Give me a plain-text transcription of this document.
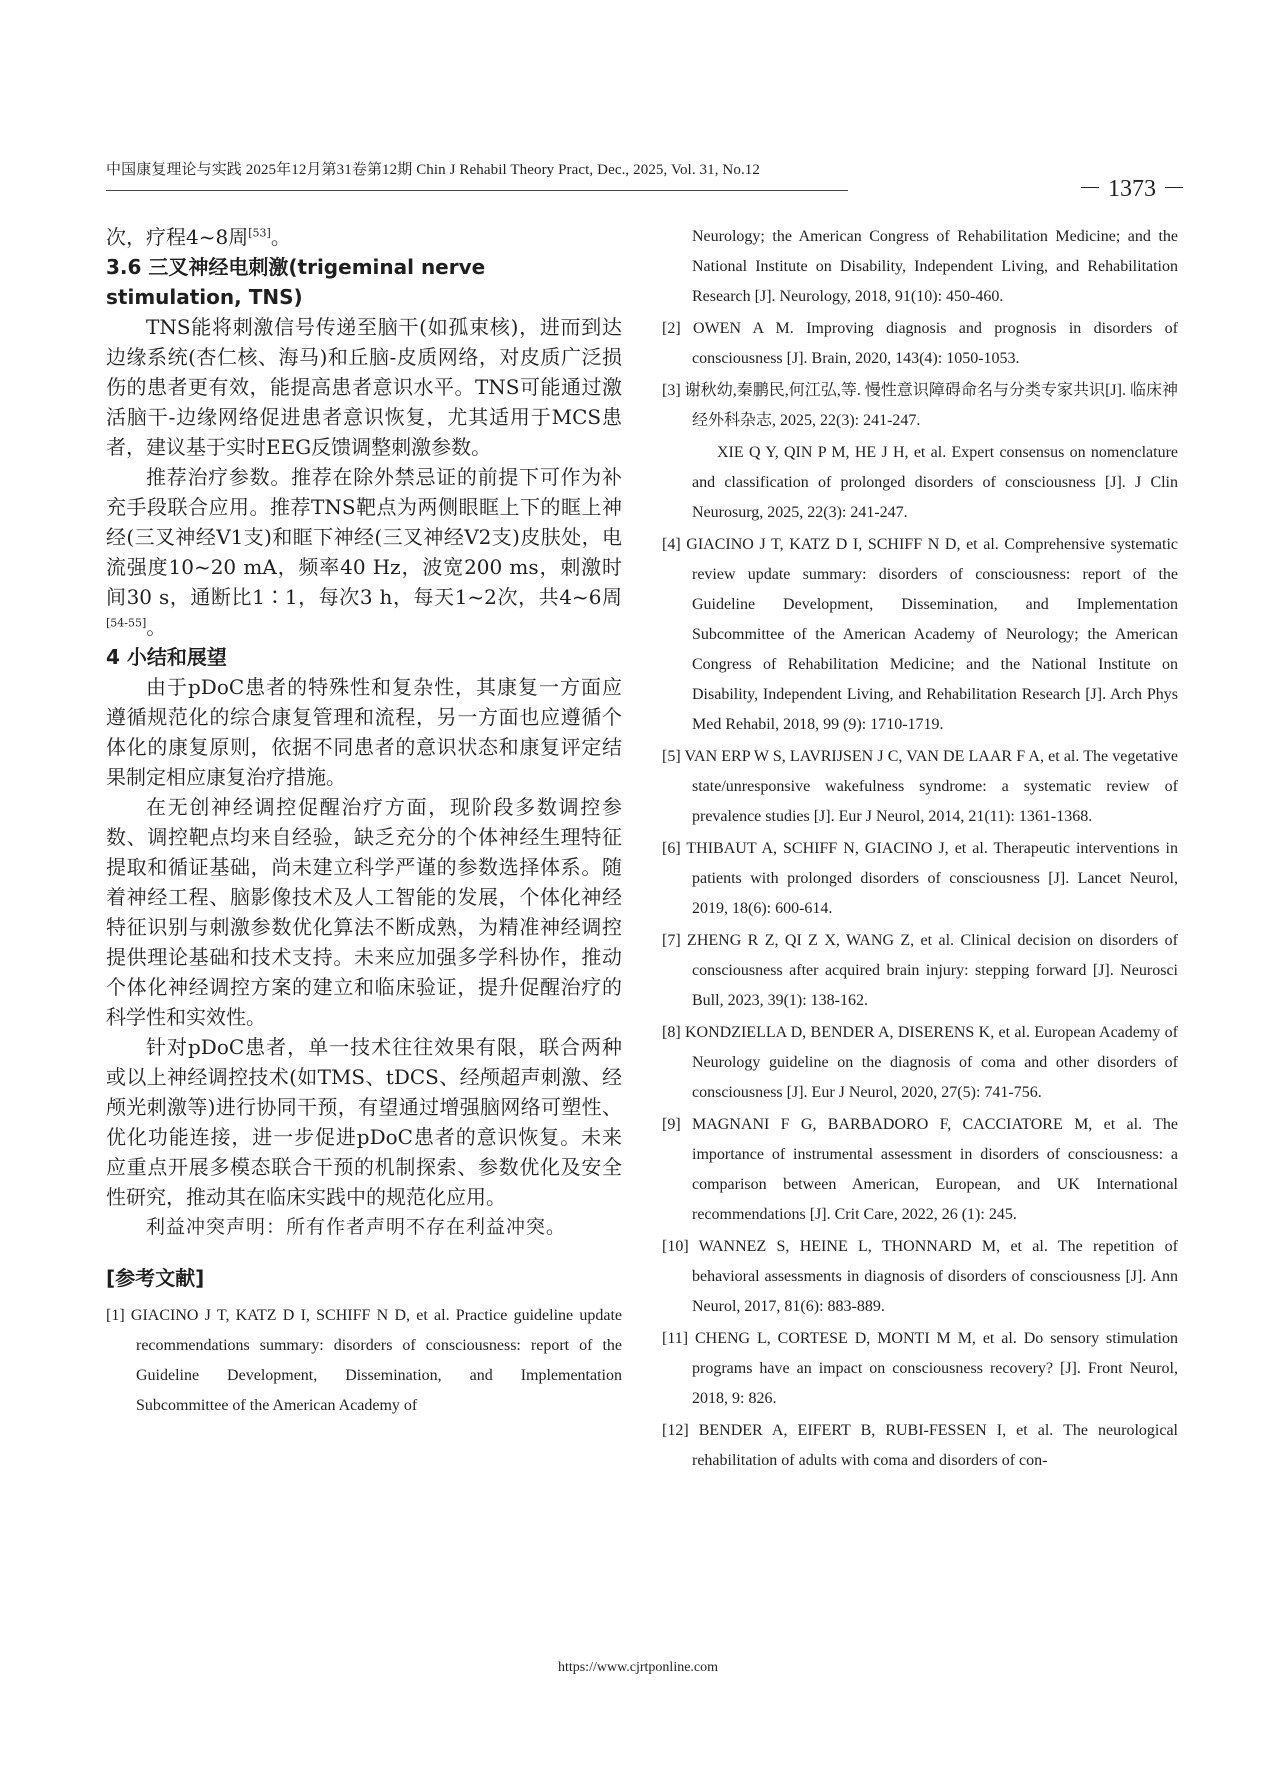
中国康复理论与实践 2025年12月第31卷第12期 Chin J Rehabil Theory Pract, Dec., 2025, Vol. 31, No.12
－ 1373 －

次，疗程4~8周[53]。

3.6 三叉神经电刺激(trigeminal nerve stimulation, TNS)

TNS能将刺激信号传递至脑干(如孤束核)，进而到达边缘系统(杏仁核、海马)和丘脑-皮质网络，对皮质广泛损伤的患者更有效，能提高患者意识水平。TNS可能通过激活脑干-边缘网络促进患者意识恢复，尤其适用于MCS患者，建议基于实时EEG反馈调整刺激参数。

推荐治疗参数。推荐在除外禁忌证的前提下可作为补充手段联合应用。推荐TNS靶点为两侧眼眶上下的眶上神经(三叉神经V1支)和眶下神经(三叉神经V2支)皮肤处，电流强度10~20 mA，频率40 Hz，波宽200 ms，刺激时间30 s，通断比1∶1，每次3 h，每天1~2次，共4~6周[54-55]。

4 小结和展望

由于pDoC患者的特殊性和复杂性，其康复一方面应遵循规范化的综合康复管理和流程，另一方面也应遵循个体化的康复原则，依据不同患者的意识状态和康复评定结果制定相应康复治疗措施。

在无创神经调控促醒治疗方面，现阶段多数调控参数、调控靶点均来自经验，缺乏充分的个体神经生理特征提取和循证基础，尚未建立科学严谨的参数选择体系。随着神经工程、脑影像技术及人工智能的发展，个体化神经特征识别与刺激参数优化算法不断成熟，为精准神经调控提供理论基础和技术支持。未来应加强多学科协作，推动个体化神经调控方案的建立和临床验证，提升促醒治疗的科学性和实效性。

针对pDoC患者，单一技术往往效果有限，联合两种或以上神经调控技术(如TMS、tDCS、经颅超声刺激、经颅光刺激等)进行协同干预，有望通过增强脑网络可塑性、优化功能连接，进一步促进pDoC患者的意识恢复。未来应重点开展多模态联合干预的机制探索、参数优化及安全性研究，推动其在临床实践中的规范化应用。

利益冲突声明：所有作者声明不存在利益冲突。

[参考文献]

[1] GIACINO J T, KATZ D I, SCHIFF N D, et al. Practice guideline update recommendations summary: disorders of consciousness: report of the Guideline Development, Dissemination, and Implementation Subcommittee of the American Academy of

Neurology; the American Congress of Rehabilitation Medicine; and the National Institute on Disability, Independent Living, and Rehabilitation Research [J]. Neurology, 2018, 91(10): 450-460.

[2] OWEN A M. Improving diagnosis and prognosis in disorders of consciousness [J]. Brain, 2020, 143(4): 1050-1053.

[3] 谢秋幼,秦鹏民,何江弘,等. 慢性意识障碍命名与分类专家共识[J]. 临床神经外科杂志, 2025, 22(3): 241-247.

XIE Q Y, QIN P M, HE J H, et al. Expert consensus on nomenclature and classification of prolonged disorders of consciousness [J]. J Clin Neurosurg, 2025, 22(3): 241-247.

[4] GIACINO J T, KATZ D I, SCHIFF N D, et al. Comprehensive systematic review update summary: disorders of consciousness: report of the Guideline Development, Dissemination, and Implementation Subcommittee of the American Academy of Neurology; the American Congress of Rehabilitation Medicine; and the National Institute on Disability, Independent Living, and Rehabilitation Research [J]. Arch Phys Med Rehabil, 2018, 99 (9): 1710-1719.

[5] VAN ERP W S, LAVRIJSEN J C, VAN DE LAAR F A, et al. The vegetative state/unresponsive wakefulness syndrome: a systematic review of prevalence studies [J]. Eur J Neurol, 2014, 21(11): 1361-1368.

[6] THIBAUT A, SCHIFF N, GIACINO J, et al. Therapeutic interventions in patients with prolonged disorders of consciousness [J]. Lancet Neurol, 2019, 18(6): 600-614.

[7] ZHENG R Z, QI Z X, WANG Z, et al. Clinical decision on disorders of consciousness after acquired brain injury: stepping forward [J]. Neurosci Bull, 2023, 39(1): 138-162.

[8] KONDZIELLA D, BENDER A, DISERENS K, et al. European Academy of Neurology guideline on the diagnosis of coma and other disorders of consciousness [J]. Eur J Neurol, 2020, 27(5): 741-756.

[9] MAGNANI F G, BARBADORO F, CACCIATORE M, et al. The importance of instrumental assessment in disorders of consciousness: a comparison between American, European, and UK International recommendations [J]. Crit Care, 2022, 26 (1): 245.

[10] WANNEZ S, HEINE L, THONNARD M, et al. The repetition of behavioral assessments in diagnosis of disorders of consciousness [J]. Ann Neurol, 2017, 81(6): 883-889.

[11] CHENG L, CORTESE D, MONTI M M, et al. Do sensory stimulation programs have an impact on consciousness recovery? [J]. Front Neurol, 2018, 9: 826.

[12] BENDER A, EIFERT B, RUBI-FESSEN I, et al. The neurological rehabilitation of adults with coma and disorders of con-

https://www.cjrtponline.com
